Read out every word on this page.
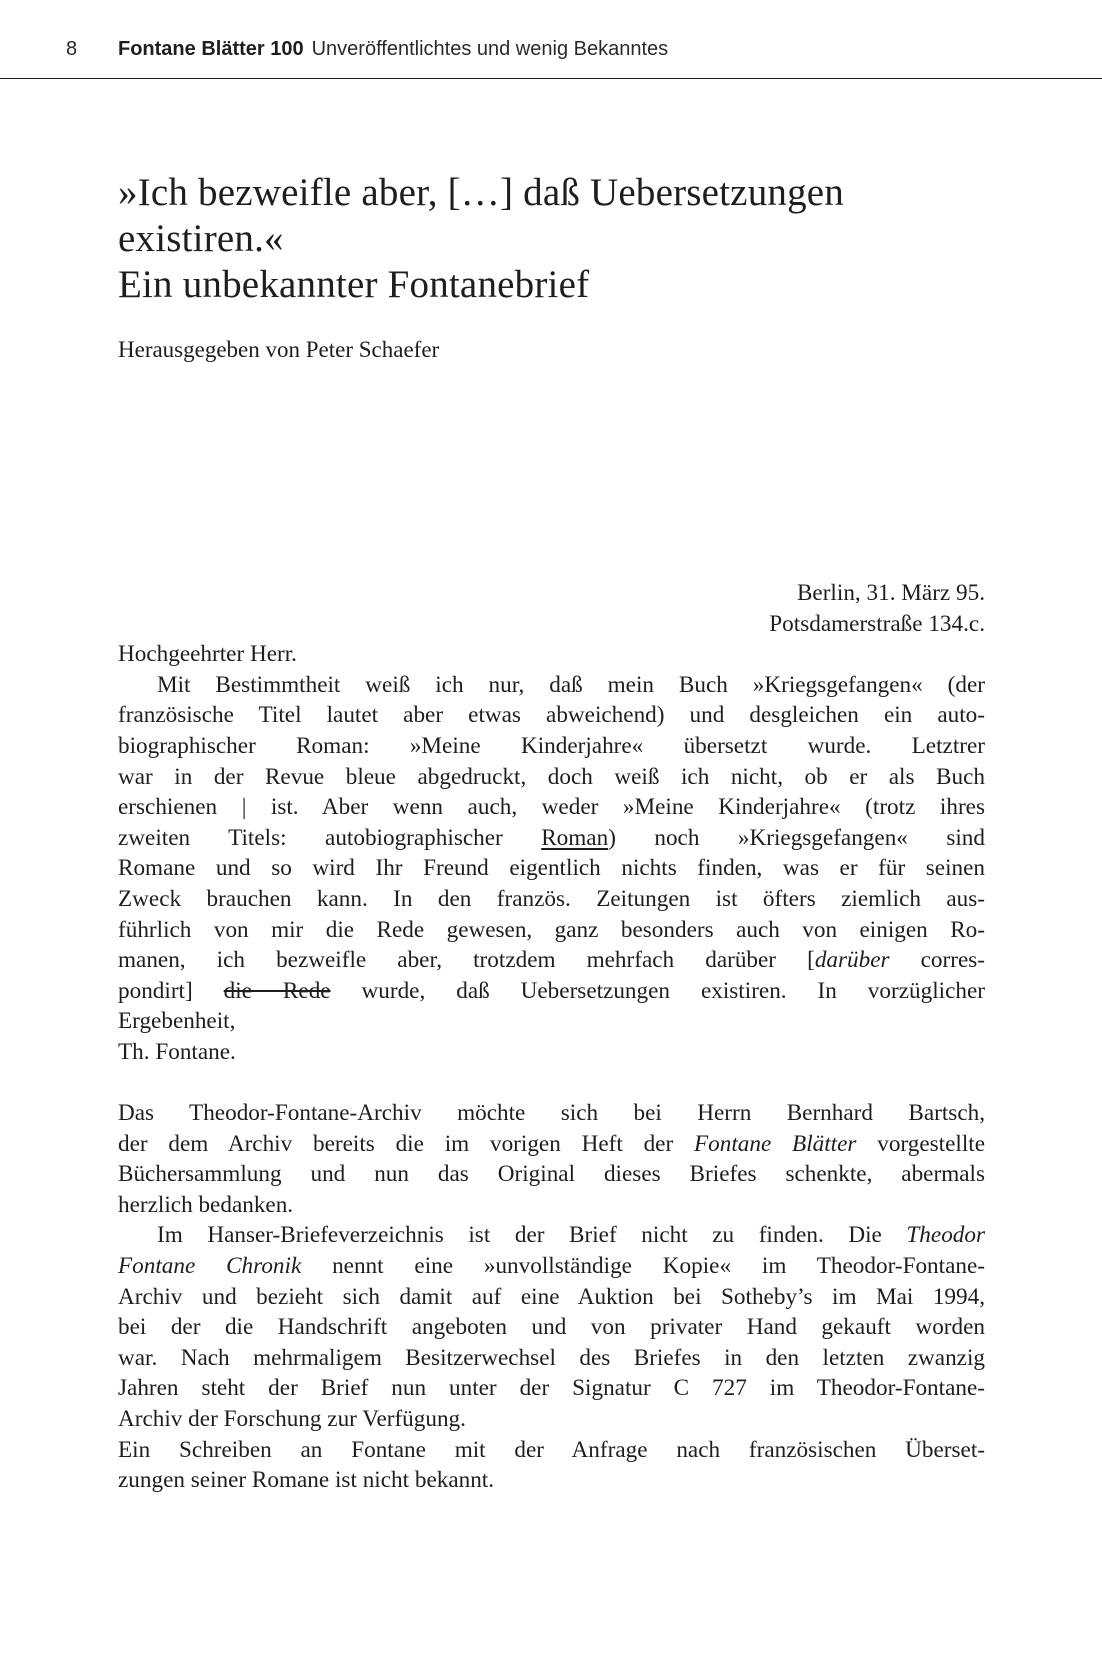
8 Fontane Blätter 100 Unveröffentlichtes und wenig Bekanntes
»Ich bezweifle aber, […] daß Uebersetzungen
existiren.«
Ein unbekannter Fontanebrief
Herausgegeben von Peter Schaefer
Berlin, 31. März 95.
Potsdamerstraße 134.c.
Hochgeehrter Herr.
Mit Bestimmtheit weiß ich nur, daß mein Buch »Kriegsgefangen« (der
französische Titel lautet aber etwas abweichend) und desgleichen ein auto-
biographischer Roman: »Meine Kinderjahre« übersetzt wurde. Letztrer
war in der Revue bleue abgedruckt, doch weiß ich nicht, ob er als Buch
erschienen | ist. Aber wenn auch, weder »Meine Kinderjahre« (trotz ihres
zweiten Titels: autobiographischer Roman) noch »Kriegsgefangen« sind
Romane und so wird Ihr Freund eigentlich nichts finden, was er für seinen
Zweck brauchen kann. In den französ. Zeitungen ist öfters ziemlich aus-
führlich von mir die Rede gewesen, ganz besonders auch von einigen Ro-
manen, ich bezweifle aber, trotzdem mehrfach darüber [darüber corres-
pondirt] die Rede wurde, daß Uebersetzungen existiren. In vorzüglicher
Ergebenheit,
Th. Fontane.
Das Theodor-Fontane-Archiv möchte sich bei Herrn Bernhard Bartsch,
der dem Archiv bereits die im vorigen Heft der Fontane Blätter vorgestellte
Büchersammlung und nun das Original dieses Briefes schenkte, abermals
herzlich bedanken.
Im Hanser-Briefeverzeichnis ist der Brief nicht zu finden. Die Theodor
Fontane Chronik nennt eine »unvollständige Kopie« im Theodor-Fontane-
Archiv und bezieht sich damit auf eine Auktion bei Sotheby’s im Mai 1994,
bei der die Handschrift angeboten und von privater Hand gekauft worden
war. Nach mehrmaligem Besitzerwechsel des Briefes in den letzten zwanzig
Jahren steht der Brief nun unter der Signatur C 727 im Theodor-Fontane-
Archiv der Forschung zur Verfügung.
Ein Schreiben an Fontane mit der Anfrage nach französischen Überset-
zungen seiner Romane ist nicht bekannt.
